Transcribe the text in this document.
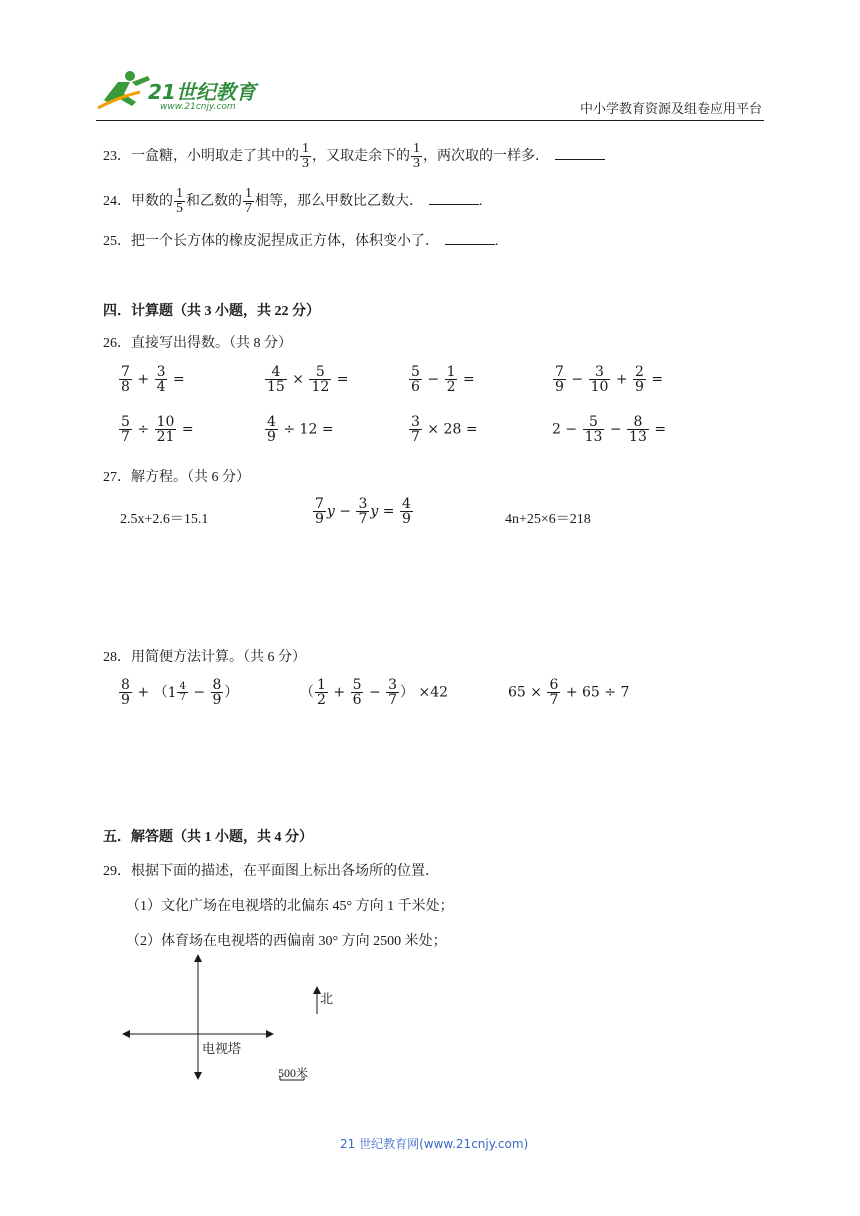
21世纪教育
www.21cnjy.com	中小学教育资源及组卷应用平台
23．一盒糖，小明取走了其中的 $\frac{1}{3}$ ，又取走余下的 $\frac{1}{3}$ ，两次取的一样多．
24．甲数的 $\frac{1}{5}$ 和乙数的 $\frac{1}{7}$ 相等，那么甲数比乙数大．	.
25．把一个长方体的橡皮泥捏成正方体，体积变小了．	.
四．计算题（共 3 小题，共 22 分）
26．直接写出得数。（共 8 分）
$\frac{7}{8} + \frac{3}{4}$ =	$\frac{4}{15} \times \frac{5}{12}$ =	$\frac{5}{6} - \frac{1}{2}$ =	$\frac{7}{9} - \frac{3}{10} + \frac{2}{9}$ =
$\frac{5}{7} \div \frac{10}{21}$ =	$\frac{4}{9} \div 12$ =	$\frac{3}{7} \times 28$ =	$2 - \frac{5}{13} - \frac{8}{13}$ =
27．解方程。（共 6 分）
2.5x+2.6＝15.1	$\frac{7}{9}$ $y - \frac{3}{7}$ $y = \frac{4}{9}$	4n+25×6＝218
28．用简便方法计算。（共 6 分）
$\frac{8}{9}$ + （ $1 \frac{4}{7} - \frac{8}{9}$ ）	（ $\frac{1}{2} + \frac{5}{6} - \frac{3}{7}$ ） ×42	$65 \times \frac{6}{7} + 65 \div 7$
五．解答题（共 1 小题，共 4 分）
29．根据下面的描述，在平面图上标出各场所的位置．
（1）文化广场在电视塔的北偏东 45° 方向 1 千米处；
（2）体育场在电视塔的西偏南 30° 方向 2500 米处；
电视塔
北
500米
21 世纪教育网(www.21cnjy.com)
